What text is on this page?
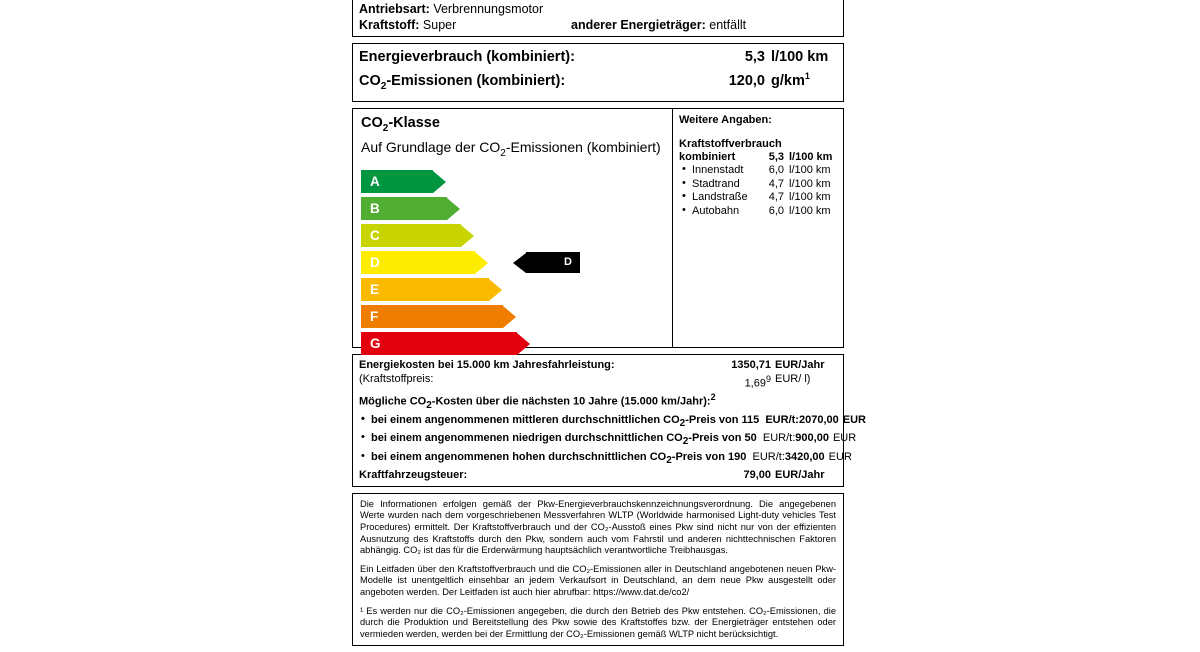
Antriebsart: Verbrennungsmotor
Kraftstoff: Super	anderer Energieträger: entfällt
Energieverbrauch (kombiniert):	5,3 l/100 km
$CO_2$-Emissionen (kombiniert):	120,0 $g/km^1$
$CO_2$-Klasse
Auf Grundlage der $CO_2$-Emissionen (kombiniert)
A
B
C
D	D
E
F
G
Weitere Angaben:
Kraftstoffverbrauch
kombiniert	5,3 l/100 km
• Innenstadt	6,0 l/100 km
• Stadtrand	4,7 l/100 km
• Landstraße	4,7 l/100 km
• Autobahn	6,0 l/100 km
Energiekosten bei 15.000 km Jahresfahrleistung:	1350,71 EUR/Jahr
(Kraftstoffpreis:	1,69$^9$ EUR/ l)
Mögliche $CO_2$-Kosten über die nächsten 10 Jahre (15.000 km/Jahr):$^2$
• bei einem angenommenen mittleren durchschnittlichen $CO_2$-Preis von 115  EUR/t: 2070,00 EUR
• bei einem angenommenen niedrigen durchschnittlichen $CO_2$-Preis von 50  EUR/t: 900,00 EUR
• bei einem angenommenen hohen durchschnittlichen $CO_2$-Preis von 190  EUR/t: 3420,00 EUR
Kraftfahrzeugsteuer:	79,00 EUR/Jahr

Die Informationen erfolgen gemäß der Pkw-Energieverbrauchskennzeichnungsverordnung. Die angegebenen Werte wurden nach dem vorgeschriebenen Messverfahren WLTP (Worldwide harmonised Light-duty vehicles Test Procedures) ermittelt. Der Kraftstoffverbrauch und der CO₂-Ausstoß eines Pkw sind nicht nur von der effizienten Ausnutzung des Kraftstoffs durch den Pkw, sondern auch vom Fahrstil und anderen nichttechnischen Faktoren abhängig. CO₂ ist das für die Erderwärmung hauptsächlich verantwortliche Treibhausgas.

Ein Leitfaden über den Kraftstoffverbrauch und die CO₂-Emissionen aller in Deutschland angebotenen neuen Pkw-Modelle ist unentgeltlich einsehbar an jedem Verkaufsort in Deutschland, an dem neue Pkw ausgestellt oder angeboten werden. Der Leitfaden ist auch hier abrufbar: https://www.dat.de/co2/

¹ Es werden nur die CO₂-Emissionen angegeben, die durch den Betrieb des Pkw entstehen. CO₂-Emissionen, die durch die Produktion und Bereitstellung des Pkw sowie des Kraftstoffes bzw. der Energieträger entstehen oder vermieden werden, werden bei der Ermittlung der CO₂-Emissionen gemäß WLTP nicht berücksichtigt.
